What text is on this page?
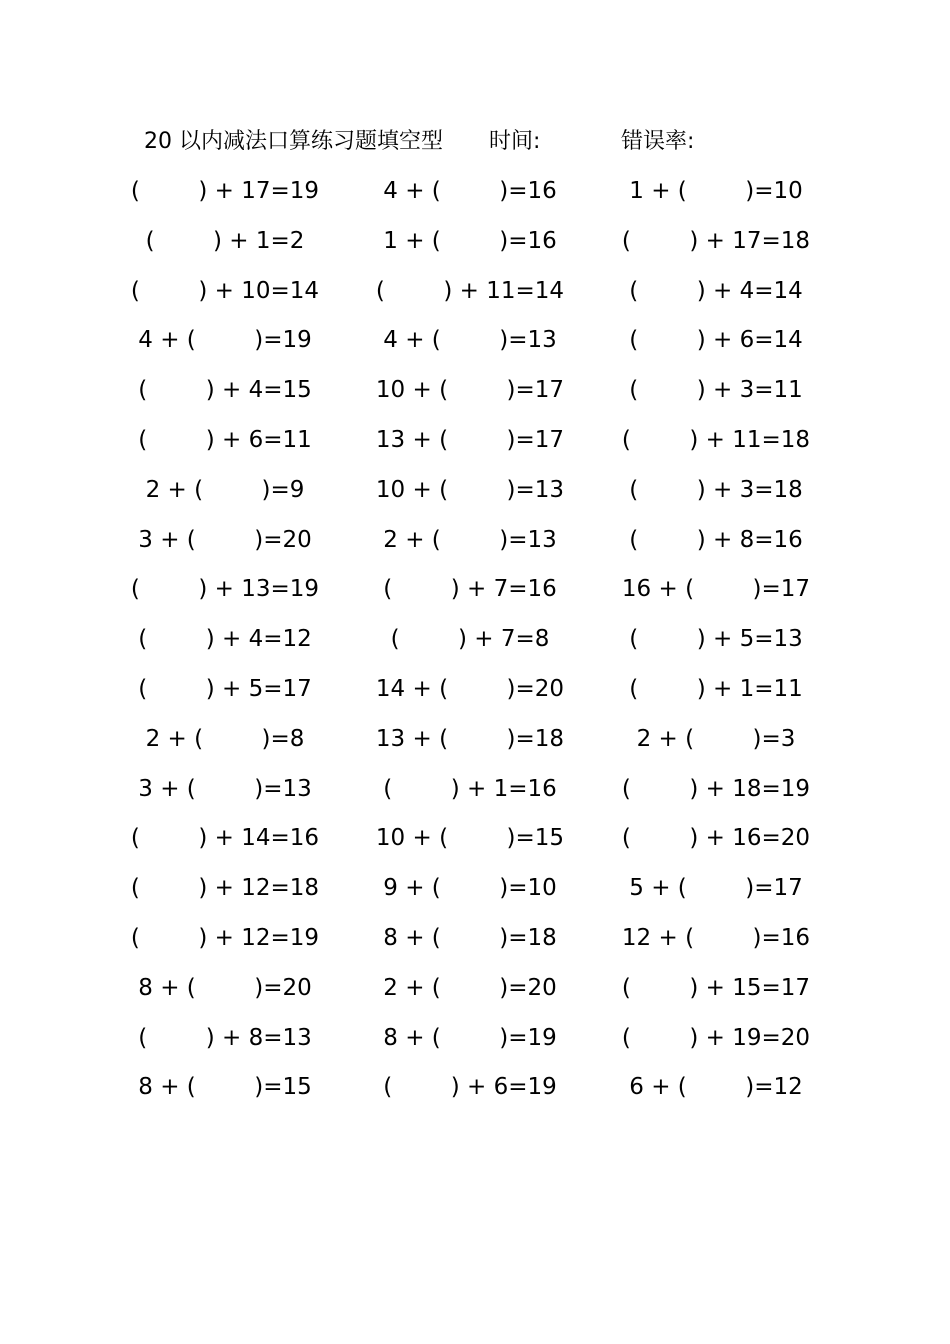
20 以内减法口算练习题填空型 时间:	错误率:
(        ) + 17=19	4 + (        )=16	1 + (        )=10
(        ) + 1=2	1 + (        )=16	(        ) + 17=18
(        ) + 10=14	(        ) + 11=14	(        ) + 4=14
4 + (        )=19	4 + (        )=13	(        ) + 6=14
(        ) + 4=15	10 + (        )=17	(        ) + 3=11
(        ) + 6=11	13 + (        )=17	(        ) + 11=18
2 + (        )=9	10 + (        )=13	(        ) + 3=18
3 + (        )=20	2 + (        )=13	(        ) + 8=16
(        ) + 13=19	(        ) + 7=16	16 + (        )=17
(        ) + 4=12	(        ) + 7=8	(        ) + 5=13
(        ) + 5=17	14 + (        )=20	(        ) + 1=11
2 + (        )=8	13 + (        )=18	2 + (        )=3
3 + (        )=13	(        ) + 1=16	(        ) + 18=19
(        ) + 14=16	10 + (        )=15	(        ) + 16=20
(        ) + 12=18	9 + (        )=10	5 + (        )=17
(        ) + 12=19	8 + (        )=18	12 + (        )=16
8 + (        )=20	2 + (        )=20	(        ) + 15=17
(        ) + 8=13	8 + (        )=19	(        ) + 19=20
8 + (        )=15	(        ) + 6=19	6 + (        )=12
